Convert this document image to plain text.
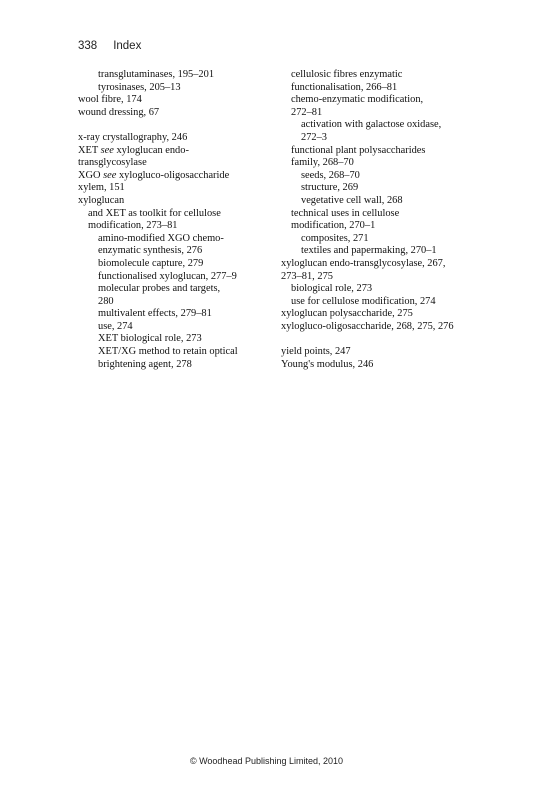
338 Index
transglutaminases, 195–201
tyrosinases, 205–13
wool fibre, 174
wound dressing, 67
x-ray crystallography, 246
XET see xyloglucan endo-
transglycosylase
XGO see xylogluco-oligosaccharide
xylem, 151
xyloglucan
and XET as toolkit for cellulose
modification, 273–81
amino-modified XGO chemo-
enzymatic synthesis, 276
biomolecule capture, 279
functionalised xyloglucan, 277–9
molecular probes and targets,
280
multivalent effects, 279–81
use, 274
XET biological role, 273
XET/XG method to retain optical
brightening agent, 278
cellulosic fibres enzymatic
functionalisation, 266–81
chemo-enzymatic modification,
272–81
activation with galactose oxidase,
272–3
functional plant polysaccharides
family, 268–70
seeds, 268–70
structure, 269
vegetative cell wall, 268
technical uses in cellulose
modification, 270–1
composites, 271
textiles and papermaking, 270–1
xyloglucan endo-transglycosylase, 267,
273–81, 275
biological role, 273
use for cellulose modification, 274
xyloglucan polysaccharide, 275
xylogluco-oligosaccharide, 268, 275, 276
yield points, 247
Young's modulus, 246
© Woodhead Publishing Limited, 2010
